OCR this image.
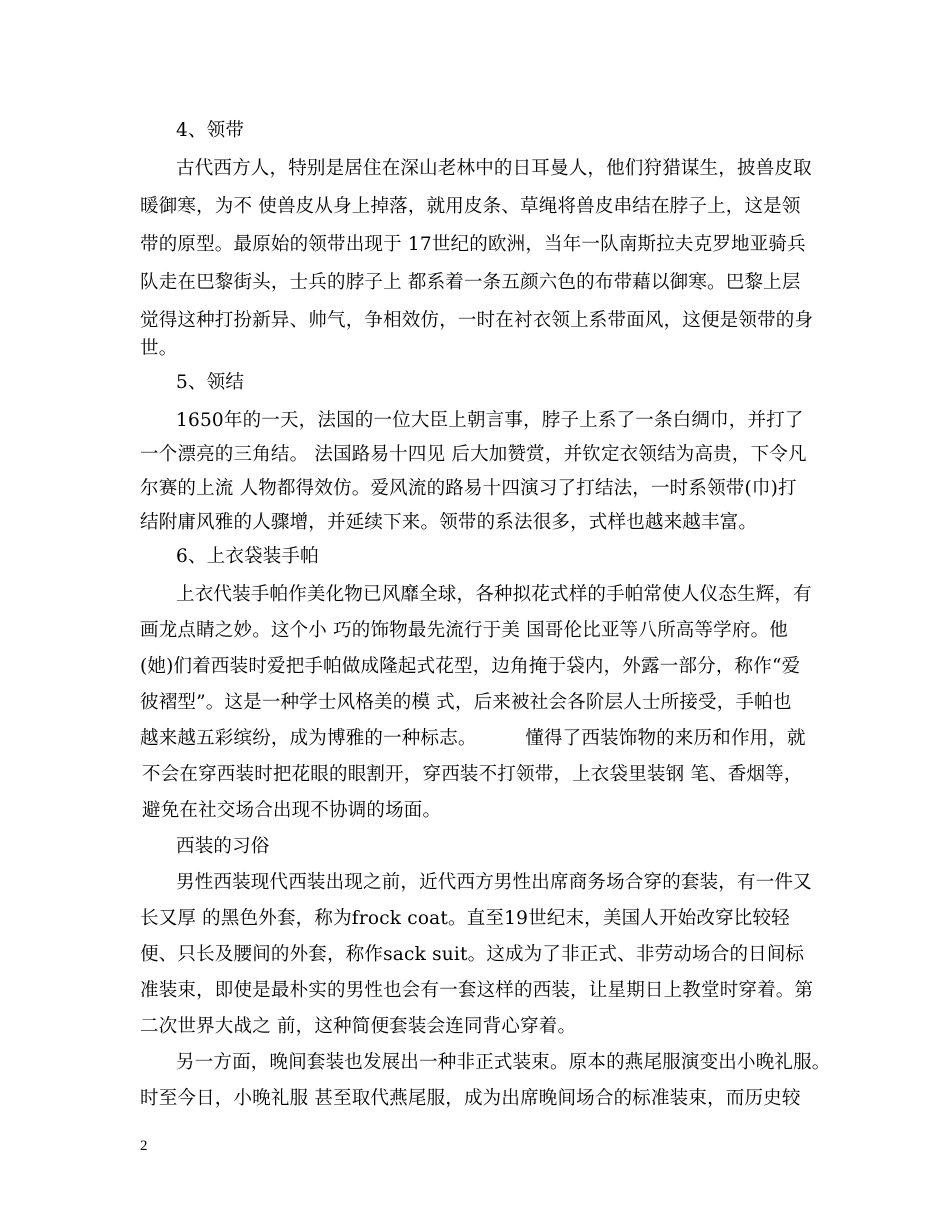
4、领带
古代西方人，特别是居住在深山老林中的日耳曼人，他们狩猎谋生，披兽皮取
暖御寒，为不 使兽皮从身上掉落，就用皮条、草绳将兽皮串结在脖子上，这是领
带的原型。最原始的领带出现于 17世纪的欧洲，当年一队南斯拉夫克罗地亚骑兵
队走在巴黎街头，士兵的脖子上 都系着一条五颜六色的布带藉以御寒。巴黎上层
觉得这种打扮新异、帅气，争相效仿，一时在衬衣领上系带面风，这便是领带的身
世。
5、领结
1650年的一天，法国的一位大臣上朝言事，脖子上系了一条白绸巾，并打了
一个漂亮的三角结。 法国路易十四见 后大加赞赏，并钦定衣领结为高贵，下令凡
尔赛的上流 人物都得效仿。爱风流的路易十四演习了打结法，一时系领带(巾)打
结附庸风雅的人骤增，并延续下来。领带的系法很多，式样也越来越丰富。
6、上衣袋装手帕
上衣代装手帕作美化物已风靡全球，各种拟花式样的手帕常使人仪态生辉，有
画龙点睛之妙。这个小 巧的饰物最先流行于美 国哥伦比亚等八所高等学府。他
(她)们着西装时爱把手帕做成隆起式花型，边角掩于袋内，外露一部分，称作“爱
彼褶型”。这是一种学士风格美的模 式，后来被社会各阶层人士所接受，手帕也
越来越五彩缤纷，成为博雅的一种标志。        懂得了西装饰物的来历和作用，就
不会在穿西装时把花眼的眼割开，穿西装不打领带，上衣袋里装钢 笔、香烟等，
避免在社交场合出现不协调的场面。
西装的习俗
男性西装现代西装出现之前，近代西方男性出席商务场合穿的套装，有一件又
长又厚 的黑色外套，称为frock coat。直至19世纪末，美国人开始改穿比较轻
便、只长及腰间的外套，称作sack suit。这成为了非正式、非劳动场合的日间标
准装束，即使是最朴实的男性也会有一套这样的西装，让星期日上教堂时穿着。第
二次世界大战之 前，这种简便套装会连同背心穿着。
另一方面，晚间套装也发展出一种非正式装束。原本的燕尾服演变出小晚礼服。
时至今日，小晚礼服 甚至取代燕尾服，成为出席晚间场合的标准装束，而历史较
2
